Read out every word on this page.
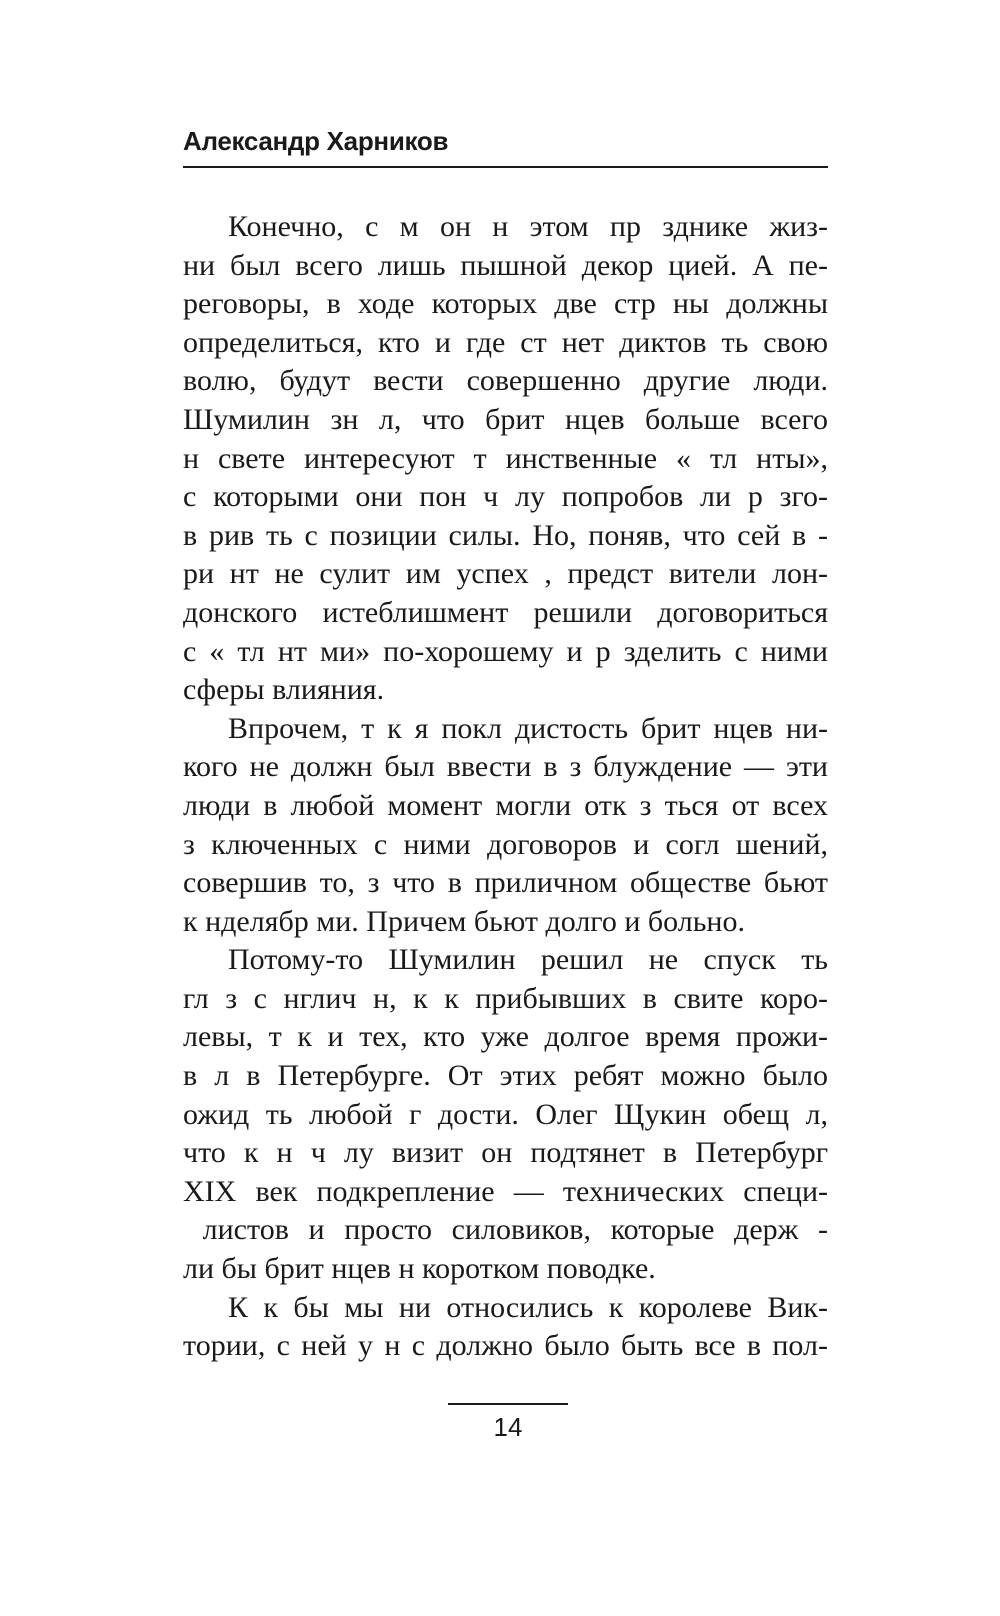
Александр Харников
Конечно, с м он н этом пр зднике жиз-
ни был всего лишь пышной декор цией. А пе-
реговоры, в ходе которых две стр ны должны
определиться, кто и где ст нет диктов ть свою
волю, будут вести совершенно другие люди.
Шумилин зн л, что брит нцев больше всего
н свете интересуют т инственные « тл нты»,
с которыми они пон ч лу попробов ли р зго-
в рив ть с позиции силы. Но, поняв, что сей в -
ри нт не сулит им успех , предст вители лон-
донского истеблишмент решили договориться
с « тл нт ми» по-хорошему и р зделить с ними
сферы влияния.
Впрочем, т к я покл дистость брит нцев ни-
кого не должн был ввести в з блуждение — эти
люди в любой момент могли отк з ться от всех
з ключенных с ними договоров и согл шений,
совершив то, з что в приличном обществе бьют
к нделябр ми. Причем бьют долго и больно.
Потому-то Шумилин решил не спуск ть
гл з с нглич н, к к прибывших в свите коро-
левы, т к и тех, кто уже долгое время прожи-
в л в Петербурге. От этих ребят можно было
ожид ть любой г дости. Олег Щукин обещ л,
что к н ч лу визит он подтянет в Петербург
XIX век подкрепление — технических специ-
листов и просто силовиков, которые держ -
ли бы брит нцев н коротком поводке.
К к бы мы ни относились к королеве Вик-
тории, с ней у н с должно было быть все в пол-
14
